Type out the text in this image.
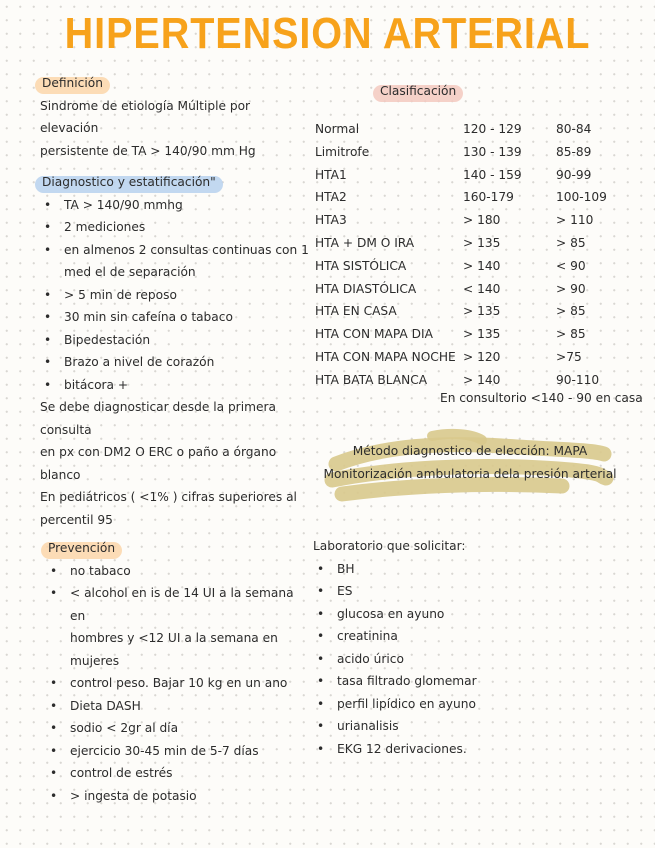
HIPERTENSION ARTERIAL
Definición
Sindrome de etiología Múltiple por elevación
persistente de TA > 140/90 mm Hg
Diagnostico y estatificación"
• TA > 140/90 mmhg
• 2 mediciones
• en almenos 2 consultas continuas con 1
med el de separación
• > 5 min de reposo
• 30 min sin cafeína o tabaco
• Bipedestación
• Brazo a nivel de corazón
• bitácora +
Se debe diagnosticar desde la primera consulta
en px con DM2 O ERC o paño a órgano
blanco
En pediátricos ( <1% ) cifras superiores al
percentil 95
Clasificación
Normal	120 - 129	80-84
Limitrofe	130 - 139	85-89
HTA1	140 - 159	90-99
HTA2	160-179	100-109
HTA3	> 180	> 110
HTA + DM O IRA	> 135	> 85
HTA SISTÓLICA	> 140	< 90
HTA DIASTÓLICA	< 140	> 90
HTA EN CASA	> 135	> 85
HTA CON MAPA DIA	> 135	> 85
HTA CON MAPA NOCHE	> 120	>75
HTA BATA BLANCA	> 140	90-110
En consultorio <140 - 90 en casa
Método diagnostico de elección: MAPA
Monitorización ambulatoria dela presión arterial
Prevención
• no tabaco
• < alcohol en is de 14 UI a la semana en
hombres y <12 UI a la semana en mujeres
• control peso. Bajar 10 kg en un ano
• Dieta DASH
• sodio < 2gr al día
• ejercicio 30-45 min de 5-7 días
• control de estrés
• > ingesta de potasio
Laboratorio que solicitar:
• BH
• ES
• glucosa en ayuno
• creatinina
• acido úrico
• tasa filtrado glomemar
• perfil lipídico en ayuno
• urianalisis
• EKG 12 derivaciones.
